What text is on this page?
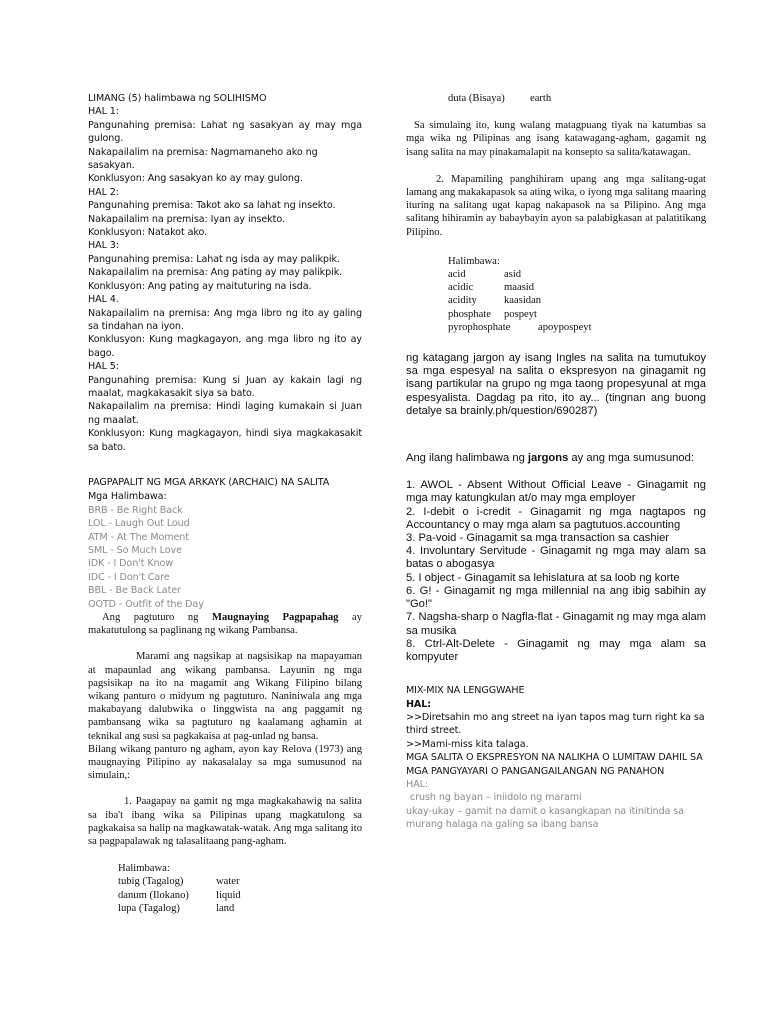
LIMANG (5) halimbawa ng SOLIHISMO
HAL 1:
Pangunahing premisa: Lahat ng sasakyan ay may mga gulong.
Nakapailalim na premisa: Nagmamaneho ako ng sasakyan.
Konklusyon: Ang sasakyan ko ay may gulong.
HAL 2:
Pangunahing premisa: Takot ako sa lahat ng insekto.
Nakapailalim na premisa: Iyan ay insekto.
Konklusyon: Natakot ako.
HAL 3:
Pangunahing premisa: Lahat ng isda ay may palikpik.
Nakapailalim na premisa: Ang pating ay may palikpik.
Konklusyon: Ang pating ay maituturing na isda.
HAL 4.
Nakapailalim na premisa: Ang mga libro ng ito ay galing sa tindahan na iyon.
Konklusyon: Kung magkagayon, ang mga libro ng ito ay bago.
HAL 5:
Pangunahing premisa: Kung si Juan ay kakain lagi ng maalat, magkakasakit siya sa bato.
Nakapailalim na premisa: Hindi laging kumakain si Juan ng maalat.
Konklusyon: Kung magkagayon, hindi siya magkakasakit sa bato.
PAGPAPALIT NG MGA ARKAYK (ARCHAIC) NA SALITA
Mga Halimbawa:
BRB - Be Right Back
LOL - Laugh Out Loud
ATM - At The Moment
SML - So Much Love
IDK - I Don't Know
IDC - I Don't Care
BBL - Be Back Later
OOTD - Outfit of the Day

Ang pagtuturo ng Maugnaying Pagpapahag ay makatutulong sa paglinang ng wikang Pambansa.

Marami ang nagsikap at nagsisikap na mapayaman at mapaunlad ang wikang pambansa. Layunin ng mga pagsisikap na ito na magamit ang Wikang Filipino bilang wikang panturo o midyum ng pagtuturo. Naniniwala ang mga makabayang dalubwika o linggwista na ang paggamit ng pambansang wika sa pagtuturo ng kaalamang aghamin at teknikal ang susi sa pagkakaisa at pag-unlad ng bansa.

Bilang wikang panturo ng agham, ayon kay Relova (1973) ang maugnaying Pilipino ay nakasalalay sa mga sumusunod na simulain,:

1. Paagapay na gamit ng mga magkakahawig na salita sa iba't ibang wika sa Pilipinas upang magkatulong sa pagkakaisa sa halip na magkawatak-watak. Ang mga salitang ito sa pagpapalawak ng talasalitaang pang-agham.

Halimbawa:
tubig (Tagalog)	water
danum (Ilokano)	liquid
lupa (Tagalog)	land
duta (Bisaya) earth

Sa simulaing ito, kung walang matagpuang tiyak na katumbas sa mga wika ng Pilipinas ang isang katawagang-agham, gagamit ng isang salita na may pinakamalapit na konsepto sa salita/katawagan.

2. Mapamiling panghihiram upang ang mga salitang-ugat lamang ang makakapasok sa ating wika, o iyong mga salitang maaring ituring na salitang ugat kapag nakapasok na sa Pilipino. Ang mga salitang hihiramin ay babaybayin ayon sa palabigkasan at palatitikang Pilipino.

Halimbawa:
acid	asid
acidic	maasid
acidity	kaasidan
phosphate	pospeyt
pyrophosphate	apoypospeyt

ng katagang jargon ay isang Ingles na salita na tumutukoy sa mga espesyal na salita o ekspresyon na ginagamit ng isang partikular na grupo ng mga taong propesyunal at mga espesyalista. Dagdag pa rito, ito ay... (tingnan ang buong detalye sa brainly.ph/question/690287)

Ang ilang halimbawa ng jargons ay ang mga sumusunod:

1. AWOL - Absent Without Official Leave - Ginagamit ng mga may katungkulan at/o may mga employer

2. I-debit o i-credit - Ginagamit ng mga nagtapos ng Accountancy o may mga alam sa pagtutuos.accounting

3. Pa-void - Ginagamit sa mga transaction sa cashier

4. Involuntary Servitude - Ginagamit ng mga may alam sa batas o abogasya

5. I object - Ginagamit sa lehislatura at sa loob ng korte

6. G! - Ginagamit ng mga millennial na ang ibig sabihin ay "Go!"

7. Nagsha-sharp o Nagfla-flat - Ginagamit ng may mga alam sa musika

8. Ctrl-Alt-Delete - Ginagamit ng may mga alam sa kompyuter

MIX-MIX NA LENGGWAHE
HAL:
>>Diretsahin mo ang street na iyan tapos mag turn right ka sa third street.
>>Mami-miss kita talaga.
MGA SALITA O EKSPRESYON NA NALIKHA O LUMITAW DAHIL SA MGA PANGYAYARI O PANGANGAILANGAN NG PANAHON
HAL:
crush ng bayan – iniidolo ng marami
ukay-ukay – gamit na damit o kasangkapan na itinitinda sa murang halaga na galing sa ibang bansa
